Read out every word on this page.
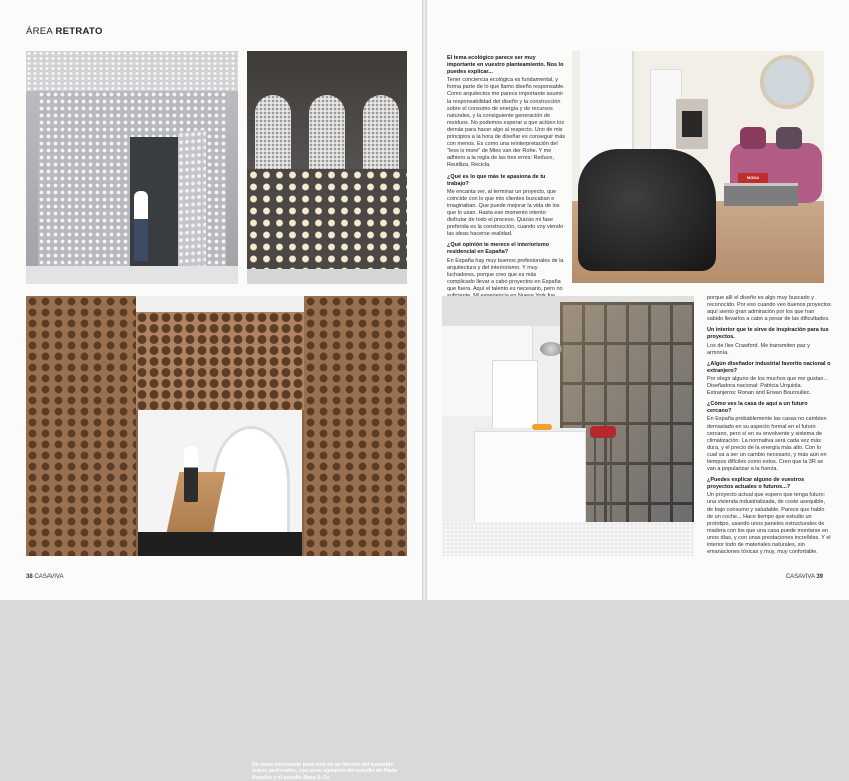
ÁREA RETRATO
Un cubo envolvente para vivir en su interior del inmueble: cubos perforados, con unos ejemplos del estudio de Paula Rosales y el estudio Mora & Co.
38 CASAVIVA

El tema ecológico parece ser muy importante en vuestro planteamiento. Nos lo puedes explicar...

Tener conciencia ecológica es fundamental, y forma parte de lo que llamo diseño responsable. Como arquitectos me parece importante asumir la responsabilidad del diseño y la construcción sobre el consumo de energía y de recursos naturales, y la consiguiente generación de residuos. No podemos esperar a que actúen los demás para hacer algo al respecto. Uno de mis principios a la hora de diseñar es conseguir más con menos. Es como una reinterpretación del "less is more" de Mies van der Rohe. Y me adhiero a la regla de las tres erres: Reduce, Reutiliza, Recicla.

¿Qué es lo que más te apasiona de tu trabajo?

Me encanta ver, al terminar un proyecto, que coincide con lo que mis clientes buscaban e imaginaban. Que puede mejorar la vida de los que lo usan. Hasta ese momento intento disfrutar de todo el proceso. Quizás mi fase preferida es la construcción, cuando voy viendo las ideas hacerse realidad.

¿Qué opinión te merece el interiorismo residencial en España?

En España hay muy buenos profesionales de la arquitectura y del interiorismo. Y muy luchadores, porque creo que es más complicado llevar a cabo proyectos en España que fuera. Aquí el talento es necesario, pero no

MODA

porque allí el diseño es algo muy buscado y reconocido. Por eso cuando veo buenos proyectos aquí siento gran admiración por los que han sabido llevarlos a cabo a pesar de las dificultades.

Un interior que te sirve de inspiración para tus proyectos.

Los de Ilse Crawford. Me transmiten paz y armonía.

¿Algún diseñador industrial favorito nacional o extranjero?

Por elegir alguno de los muchos que me gustan... Diseñadora nacional: Patricia Urquiola. Extranjeros: Ronan and Erwan Bouroullec.

¿Cómo ves la casa de aquí a un futuro cercano?

En España probablemente las casas no cambien demasiado en su aspecto formal en el futuro cercano, pero sí en su envolvente y sistema de climatización. La normativa será cada vez más dura, y el precio de la energía más alto. Con lo cual va a ser un cambio necesario, y más aún en tiempos difíciles como estos. Creo que la 3R se van a popularizar a la fuerza.

¿Puedes explicar alguno de vuestros proyectos actuales o futuros...?

Un proyecto actual que espero que tenga futuro: una vivienda industrializada, de coste asequible, de bajo consumo y saludable. Parece que hablo de un coche... Hace tiempo que estudio un prototipo, usando unos paneles estructurales de madera con los que una casa puede montarse en unos días, y con unas prestaciones increíbles. Y el interior todo de materiales naturales, sin emanaciones tóxicas y muy, muy confortable.

CASAVIVA 39
